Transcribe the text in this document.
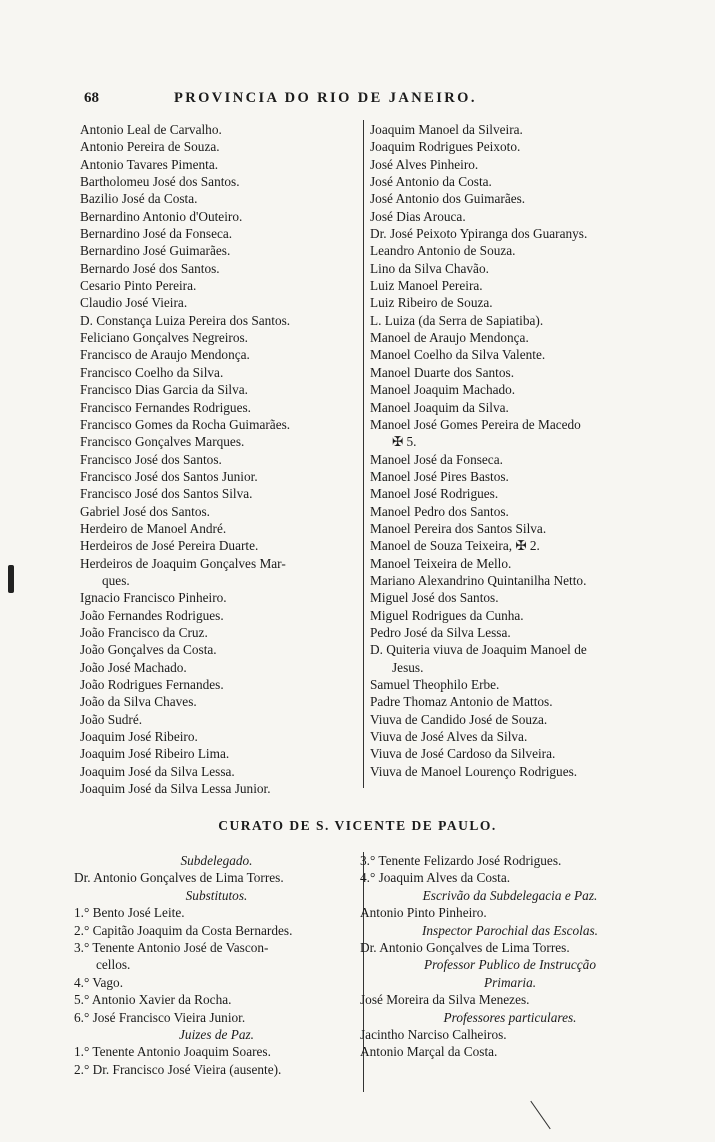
68	PROVINCIA DO RIO DE JANEIRO.
Antonio Leal de Carvalho.
Antonio Pereira de Souza.
Antonio Tavares Pimenta.
Bartholomeu José dos Santos.
Bazilio José da Costa.
Bernardino Antonio d'Outeiro.
Bernardino José da Fonseca.
Bernardino José Guimarães.
Bernardo José dos Santos.
Cesario Pinto Pereira.
Claudio José Vieira.
D. Constança Luiza Pereira dos Santos.
Feliciano Gonçalves Negreiros.
Francisco de Araujo Mendonça.
Francisco Coelho da Silva.
Francisco Dias Garcia da Silva.
Francisco Fernandes Rodrigues.
Francisco Gomes da Rocha Guimarães.
Francisco Gonçalves Marques.
Francisco José dos Santos.
Francisco José dos Santos Junior.
Francisco José dos Santos Silva.
Gabriel José dos Santos.
Herdeiro de Manoel André.
Herdeiros de José Pereira Duarte.
Herdeiros de Joaquim Gonçalves Mar-
ques.
Ignacio Francisco Pinheiro.
João Fernandes Rodrigues.
João Francisco da Cruz.
João Gonçalves da Costa.
João José Machado.
João Rodrigues Fernandes.
João da Silva Chaves.
João Sudré.
Joaquim José Ribeiro.
Joaquim José Ribeiro Lima.
Joaquim José da Silva Lessa.
Joaquim José da Silva Lessa Junior.
Joaquim Manoel da Silveira.
Joaquim Rodrigues Peixoto.
José Alves Pinheiro.
José Antonio da Costa.
José Antonio dos Guimarães.
José Dias Arouca.
Dr. José Peixoto Ypiranga dos Guaranys.
Leandro Antonio de Souza.
Lino da Silva Chavão.
Luiz Manoel Pereira.
Luiz Ribeiro de Souza.
L. Luiza (da Serra de Sapiatiba).
Manoel de Araujo Mendonça.
Manoel Coelho da Silva Valente.
Manoel Duarte dos Santos.
Manoel Joaquim Machado.
Manoel Joaquim da Silva.
Manoel José Gomes Pereira de Macedo
✠ 5.
Manoel José da Fonseca.
Manoel José Pires Bastos.
Manoel José Rodrigues.
Manoel Pedro dos Santos.
Manoel Pereira dos Santos Silva.
Manoel de Souza Teixeira, ✠ 2.
Manoel Teixeira de Mello.
Mariano Alexandrino Quintanilha Netto.
Miguel José dos Santos.
Miguel Rodrigues da Cunha.
Pedro José da Silva Lessa.
D. Quiteria viuva de Joaquim Manoel de
Jesus.
Samuel Theophilo Erbe.
Padre Thomaz Antonio de Mattos.
Viuva de Candido José de Souza.
Viuva de José Alves da Silva.
Viuva de José Cardoso da Silveira.
Viuva de Manoel Lourenço Rodrigues.
CURATO DE S. VICENTE DE PAULO.
Subdelegado.
Dr. Antonio Gonçalves de Lima Torres.
Substitutos.
1.° Bento José Leite.
2.° Capitão Joaquim da Costa Bernardes.
3.° Tenente Antonio José de Vascon-
cellos.
4.° Vago.
5.° Antonio Xavier da Rocha.
6.° José Francisco Vieira Junior.
Juizes de Paz.
1.° Tenente Antonio Joaquim Soares.
2.° Dr. Francisco José Vieira (ausente).
3.° Tenente Felizardo José Rodrigues.
4.° Joaquim Alves da Costa.
Escrivão da Subdelegacia e Paz.
Antonio Pinto Pinheiro.
Inspector Parochial das Escolas.
Dr. Antonio Gonçalves de Lima Torres.
Professor Publico de Instrucção
Primaria.
José Moreira da Silva Menezes.
Professores particulares.
Jacintho Narciso Calheiros.
Antonio Marçal da Costa.
